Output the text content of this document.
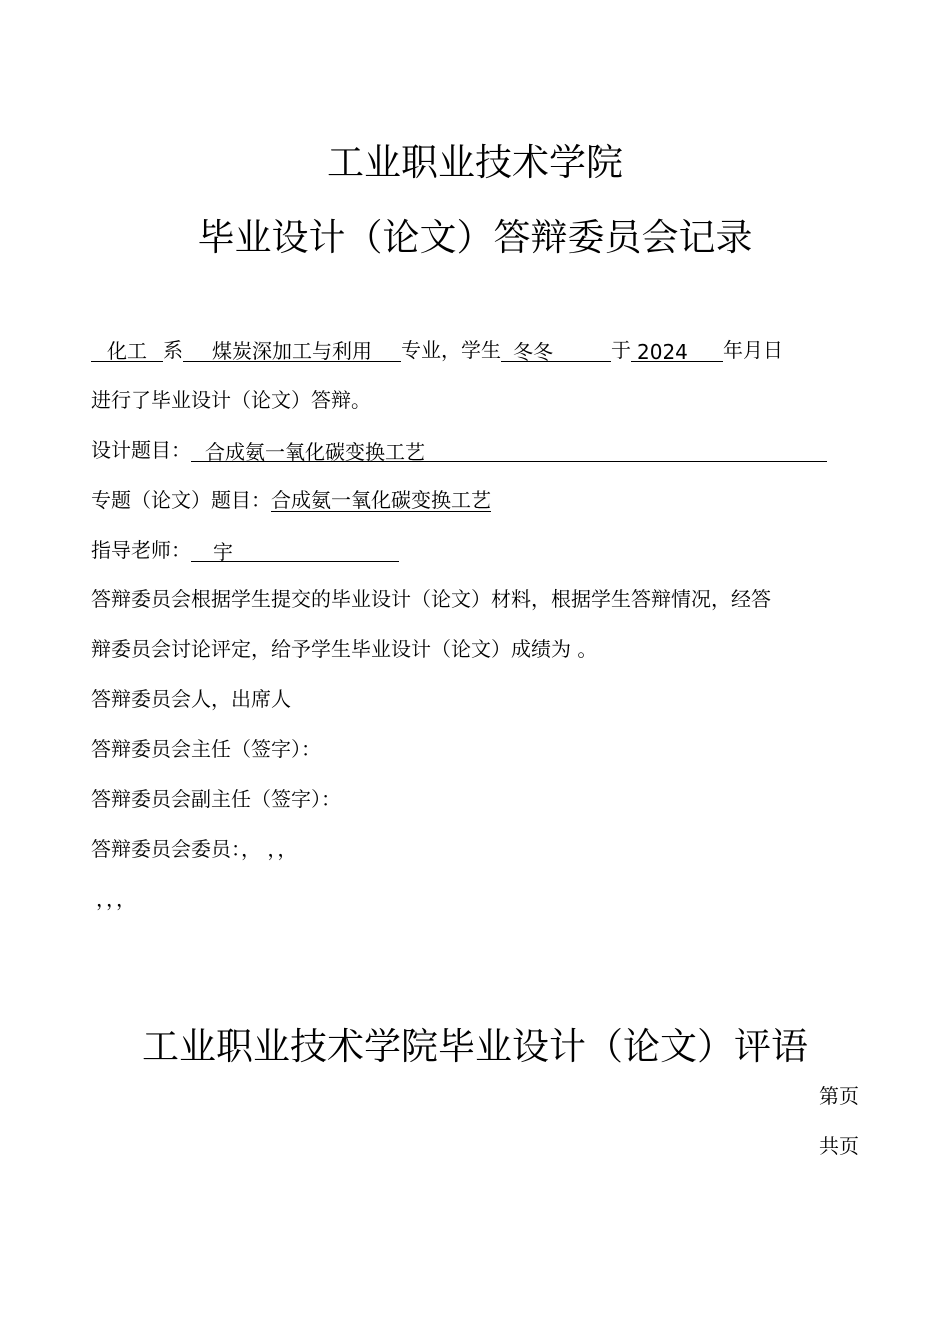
工业职业技术学院
毕业设计（论文）答辩委员会记录
化工 系 煤炭深加工与利用 专业，学生 冬冬	于 2024 年月日
进行了毕业设计（论文）答辩。
设计题目： 合成氨一氧化碳变换工艺
专题（论文）题目：合成氨一氧化碳变换工艺
指导老师： 宇
答辩委员会根据学生提交的毕业设计（论文）材料，根据学生答辩情况，经答
辩委员会讨论评定，给予学生毕业设计（论文）成绩为 。
答辩委员会人，出席人
答辩委员会主任（签字）：
答辩委员会副主任（签字）：
答辩委员会委员：， ，，
，，，
工业职业技术学院毕业设计（论文）评语
第页
共页
